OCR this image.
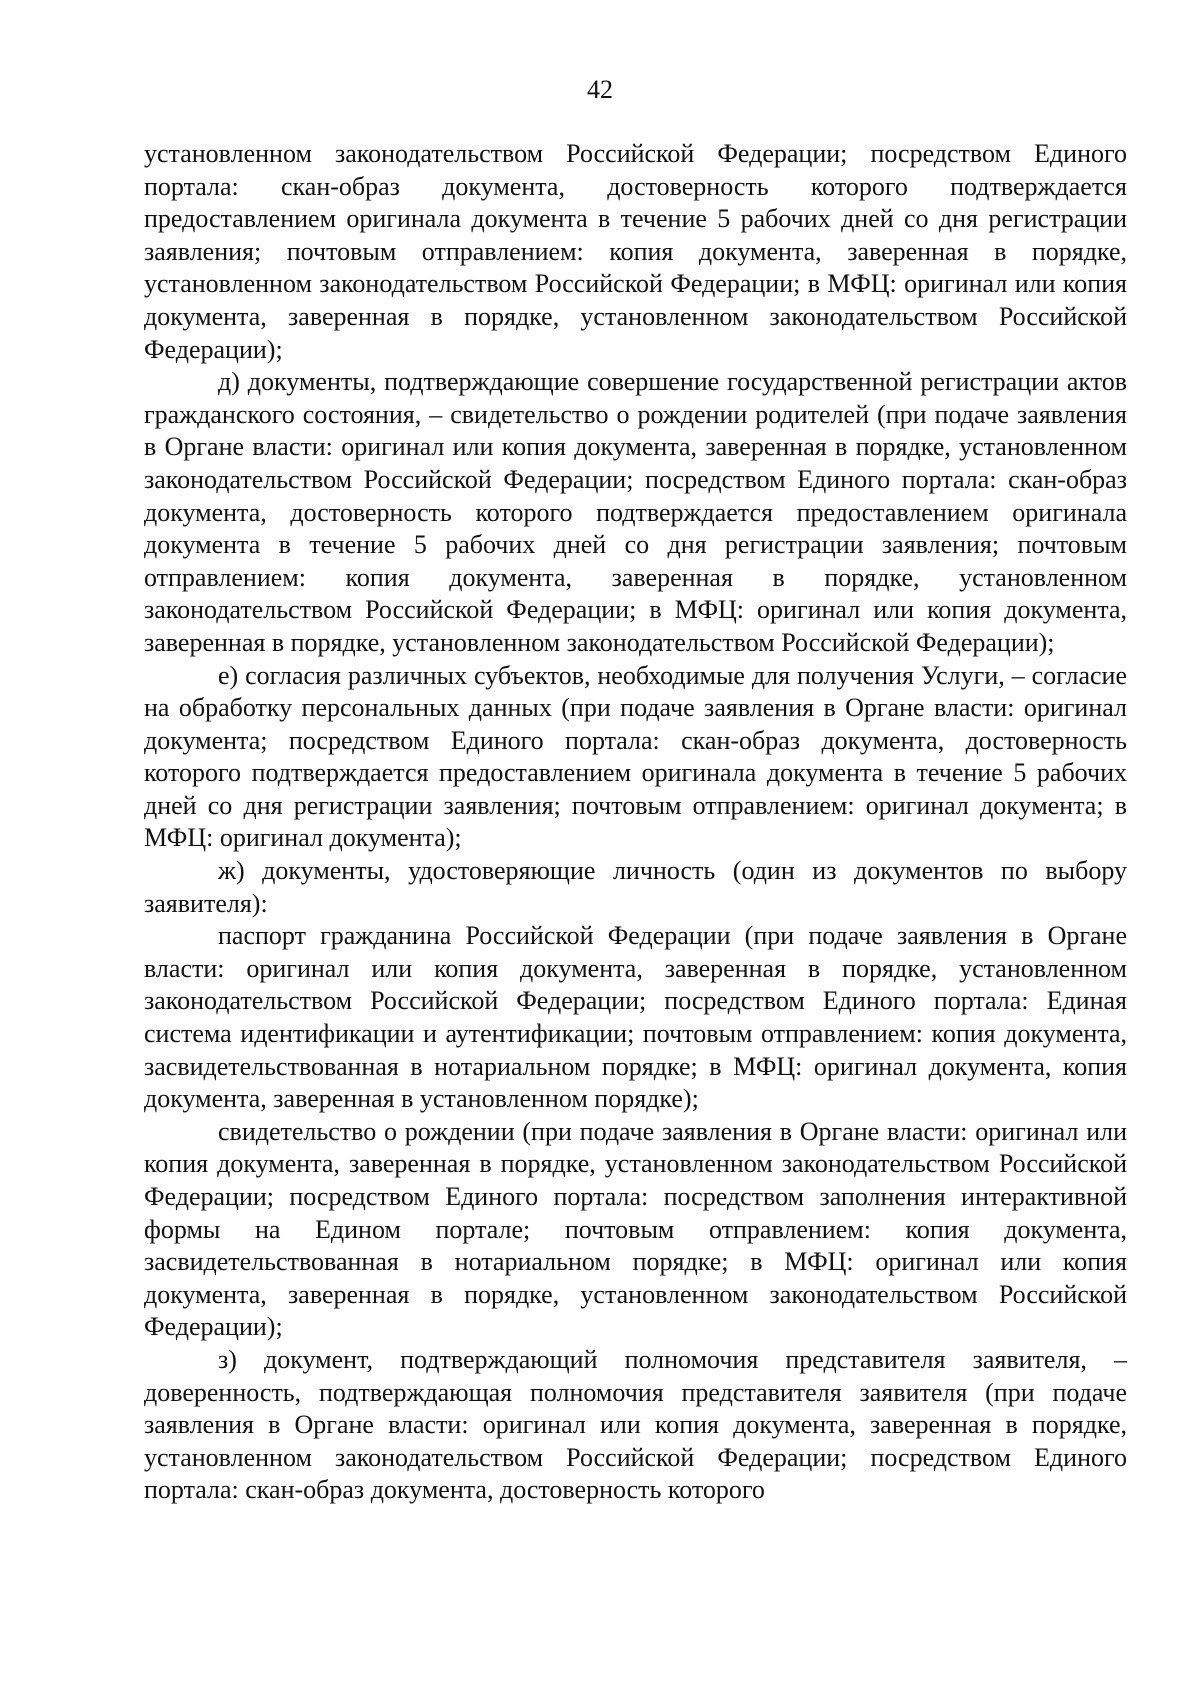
42

установленном законодательством Российской Федерации; посредством Единого портала: скан-образ документа, достоверность которого подтверждается предоставлением оригинала документа в течение 5 рабочих дней со дня регистрации заявления; почтовым отправлением: копия документа, заверенная в порядке, установленном законодательством Российской Федерации; в МФЦ: оригинал или копия документа, заверенная в порядке, установленном законодательством Российской Федерации);

д) документы, подтверждающие совершение государственной регистрации актов гражданского состояния, – свидетельство о рождении родителей (при подаче заявления в Органе власти: оригинал или копия документа, заверенная в порядке, установленном законодательством Российской Федерации; посредством Единого портала: скан-образ документа, достоверность которого подтверждается предоставлением оригинала документа в течение 5 рабочих дней со дня регистрации заявления; почтовым отправлением: копия документа, заверенная в порядке, установленном законодательством Российской Федерации; в МФЦ: оригинал или копия документа, заверенная в порядке, установленном законодательством Российской Федерации);

е) согласия различных субъектов, необходимые для получения Услуги, – согласие на обработку персональных данных (при подаче заявления в Органе власти: оригинал документа; посредством Единого портала: скан-образ документа, достоверность которого подтверждается предоставлением оригинала документа в течение 5 рабочих дней со дня регистрации заявления; почтовым отправлением: оригинал документа; в МФЦ: оригинал документа);

ж) документы, удостоверяющие личность (один из документов по выбору заявителя):

паспорт гражданина Российской Федерации (при подаче заявления в Органе власти: оригинал или копия документа, заверенная в порядке, установленном законодательством Российской Федерации; посредством Единого портала: Единая система идентификации и аутентификации; почтовым отправлением: копия документа, засвидетельствованная в нотариальном порядке; в МФЦ: оригинал документа, копия документа, заверенная в установленном порядке);

свидетельство о рождении (при подаче заявления в Органе власти: оригинал или копия документа, заверенная в порядке, установленном законодательством Российской Федерации; посредством Единого портала: посредством заполнения интерактивной формы на Едином портале; почтовым отправлением: копия документа, засвидетельствованная в нотариальном порядке; в МФЦ: оригинал или копия документа, заверенная в порядке, установленном законодательством Российской Федерации);

з) документ, подтверждающий полномочия представителя заявителя, – доверенность, подтверждающая полномочия представителя заявителя (при подаче заявления в Органе власти: оригинал или копия документа, заверенная в порядке, установленном законодательством Российской Федерации; посредством Единого портала: скан-образ документа, достоверность которого
